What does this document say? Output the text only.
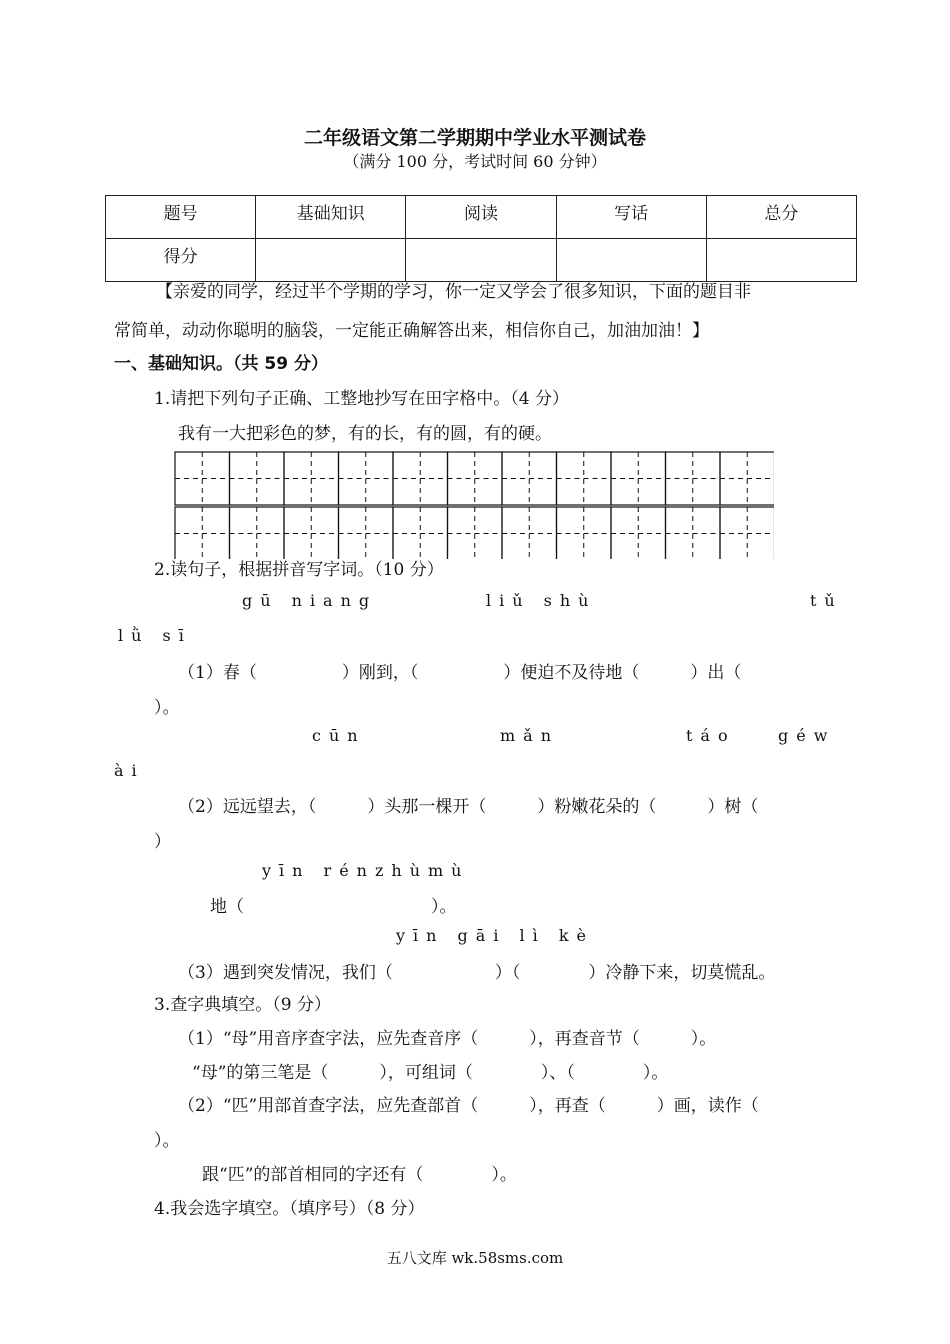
二年级语文第二学期期中学业水平测试卷
（满分 100 分，考试时间 60 分钟）
题号	基础知识	阅读	写话	总分
得分				
【亲爱的同学，经过半个学期的学习，你一定又学会了很多知识，下面的题目非
常简单，动动你聪明的脑袋，一定能正确解答出来，相信你自己，加油加油！】
一、基础知识。（共 59 分）
1.请把下列句子正确、工整地抄写在田字格中。（4 分）
我有一大把彩色的梦，有的长，有的圆，有的硬。
2.读句子，根据拼音写字词。（10 分）
gū niang	liǔ shù	tǔ
lǜ sī
（1）春（　　　　　）刚到，（　　　　　）便迫不及待地（　　　）出（
）。
cūn	mǎn	táo	géw
ài
（2）远远望去，（　　　）头那一棵开（　　　）粉嫩花朵的（　　　）树（
）
yīn rénzhùmù
地（　　　　　　　　　　　）。
yīn gāi lì kè
（3）遇到突发情况，我们（　　　　　　）（　　　　）冷静下来，切莫慌乱。
3.查字典填空。（9 分）
（1）“母”用音序查字法，应先查音序（　　　），再查音节（　　　）。
“母”的第三笔是（　　　），可组词（　　　　）、（　　　　）。
（2）“匹”用部首查字法，应先查部首（　　　），再查（　　　）画，读作（
）。
跟“匹”的部首相同的字还有（　　　　）。
4.我会选字填空。（填序号）（8 分）
五八文库 wk.58sms.com
